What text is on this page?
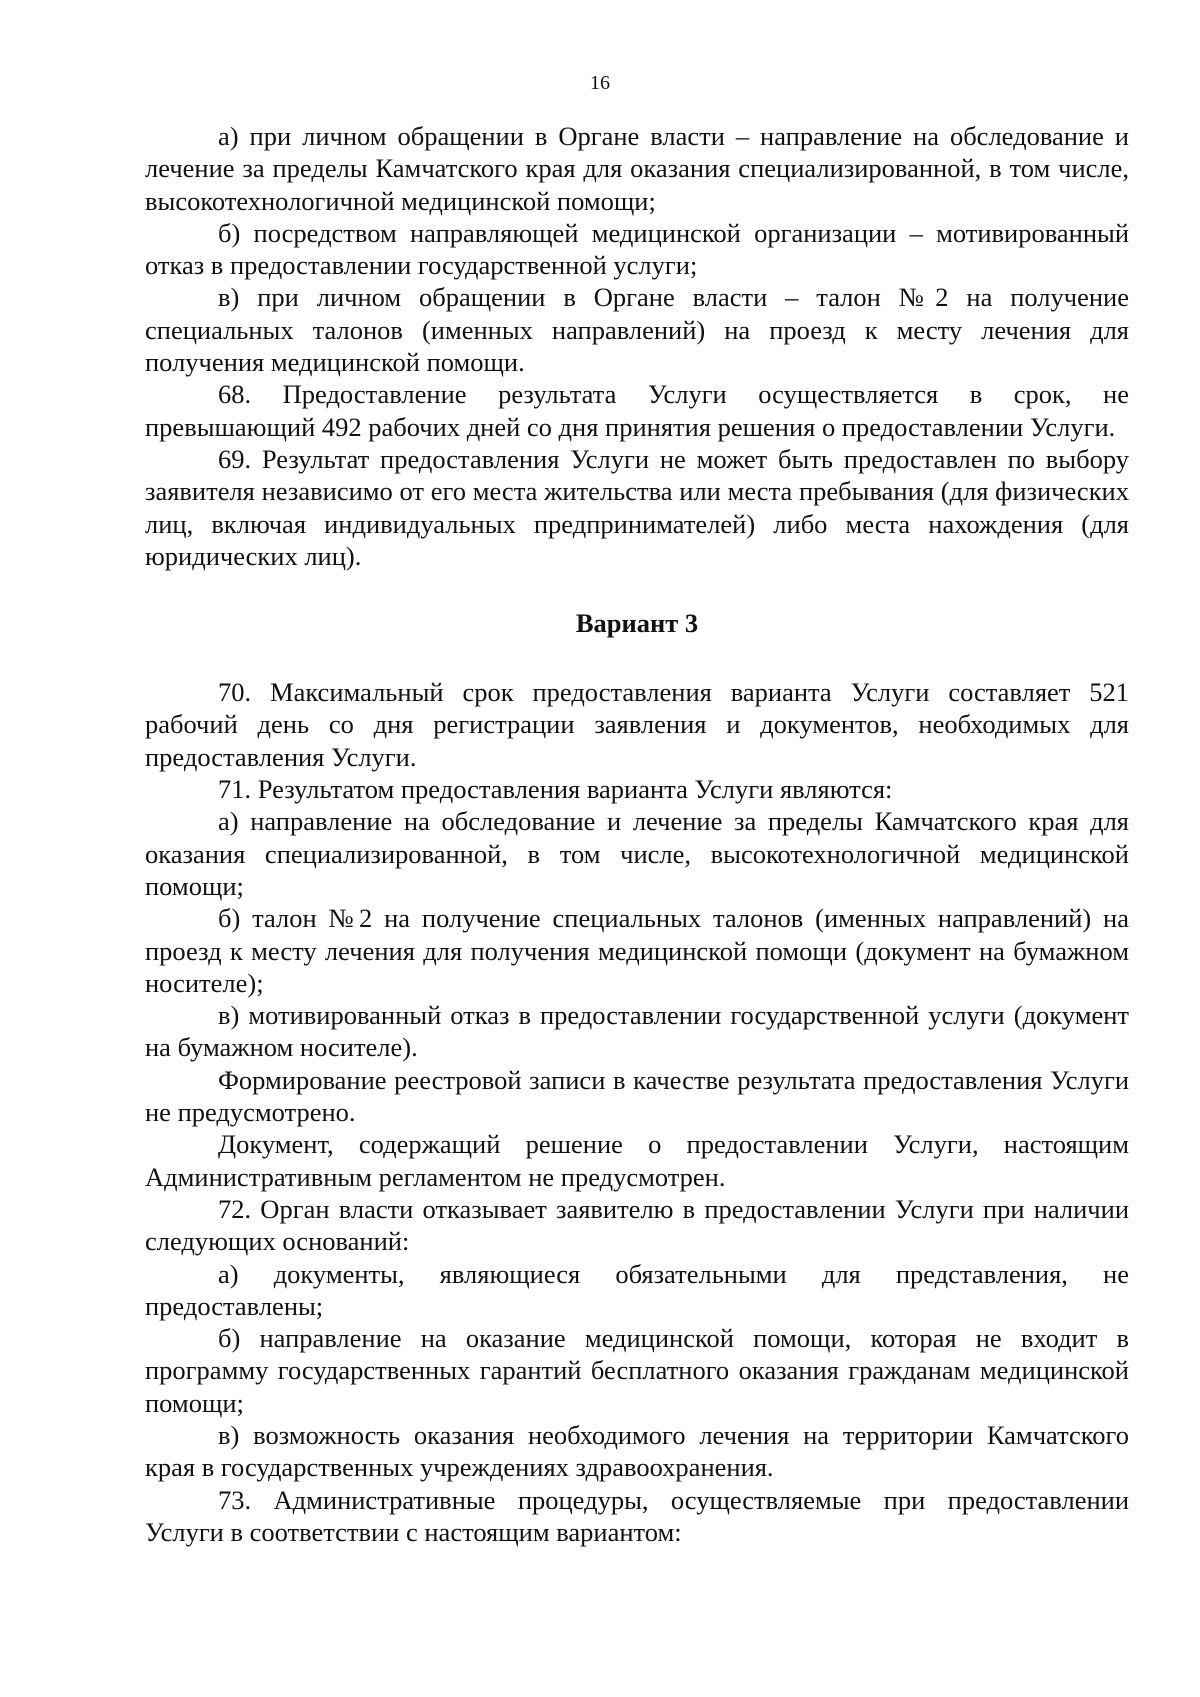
16

а) при личном обращении в Органе власти – направление на обследование и лечение за пределы Камчатского края для оказания специализированной, в том числе, высокотехнологичной медицинской помощи;

б) посредством направляющей медицинской организации – мотивированный отказ в предоставлении государственной услуги;

в) при личном обращении в Органе власти – талон №2 на получение специальных талонов (именных направлений) на проезд к месту лечения для получения медицинской помощи.

68. Предоставление результата Услуги осуществляется в срок, не превышающий 492 рабочих дней со дня принятия решения о предоставлении Услуги.

69. Результат предоставления Услуги не может быть предоставлен по выбору заявителя независимо от его места жительства или места пребывания (для физических лиц, включая индивидуальных предпринимателей) либо места нахождения (для юридических лиц).

Вариант 3

70. Максимальный срок предоставления варианта Услуги составляет 521 рабочий день со дня регистрации заявления и документов, необходимых для предоставления Услуги.

71. Результатом предоставления варианта Услуги являются:

а) направление на обследование и лечение за пределы Камчатского края для оказания специализированной, в том числе, высокотехнологичной медицинской помощи;

б) талон №2 на получение специальных талонов (именных направлений) на проезд к месту лечения для получения медицинской помощи (документ на бумажном носителе);

в) мотивированный отказ в предоставлении государственной услуги (документ на бумажном носителе).

Формирование реестровой записи в качестве результата предоставления Услуги не предусмотрено.

Документ, содержащий решение о предоставлении Услуги, настоящим Административным регламентом не предусмотрен.

72. Орган власти отказывает заявителю в предоставлении Услуги при наличии следующих оснований:

а) документы, являющиеся обязательными для представления, не предоставлены;

б) направление на оказание медицинской помощи, которая не входит в программу государственных гарантий бесплатного оказания гражданам медицинской помощи;

в) возможность оказания необходимого лечения на территории Камчатского края в государственных учреждениях здравоохранения.

73. Административные процедуры, осуществляемые при предоставлении Услуги в соответствии с настоящим вариантом:
